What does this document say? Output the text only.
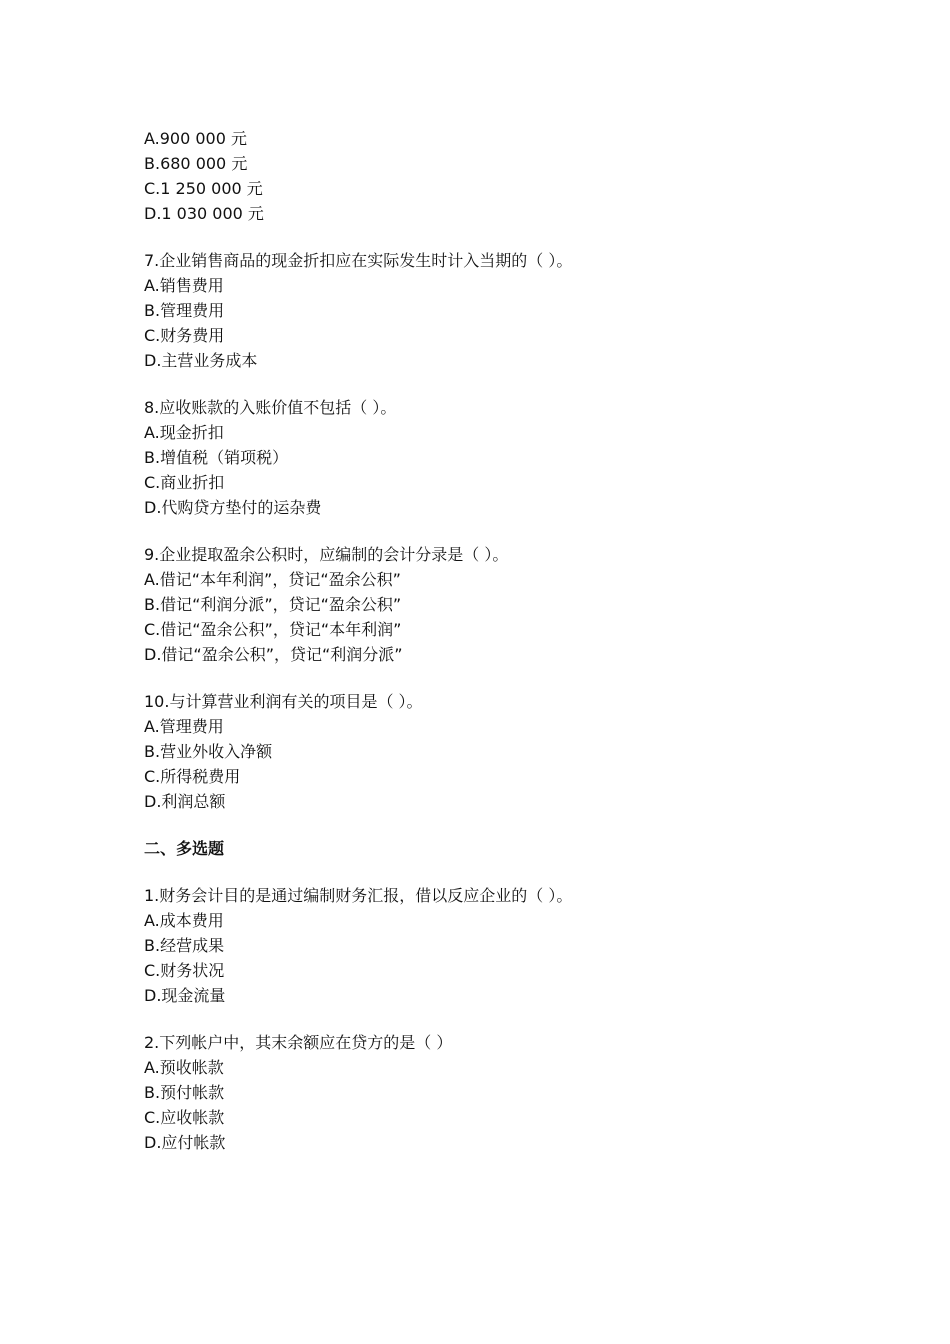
A.900 000 元
B.680 000 元
C.1 250 000 元
D.1 030 000 元
7.企业销售商品的现金折扣应在实际发生时计入当期的（ ）。
A.销售费用
B.管理费用
C.财务费用
D.主营业务成本
8.应收账款的入账价值不包括（ ）。
A.现金折扣
B.增值税（销项税）
C.商业折扣
D.代购贷方垫付的运杂费
9.企业提取盈余公积时，应编制的会计分录是（ ）。
A.借记“本年利润”，贷记“盈余公积”
B.借记“利润分派”，贷记“盈余公积”
C.借记“盈余公积”，贷记“本年利润”
D.借记“盈余公积”，贷记“利润分派”
10.与计算营业利润有关的项目是（ ）。
A.管理费用
B.营业外收入净额
C.所得税费用
D.利润总额
二、多选题
1.财务会计目的是通过编制财务汇报，借以反应企业的（ ）。
A.成本费用
B.经营成果
C.财务状况
D.现金流量
2.下列帐户中，其末余额应在贷方的是（ ）
A.预收帐款
B.预付帐款
C.应收帐款
D.应付帐款
